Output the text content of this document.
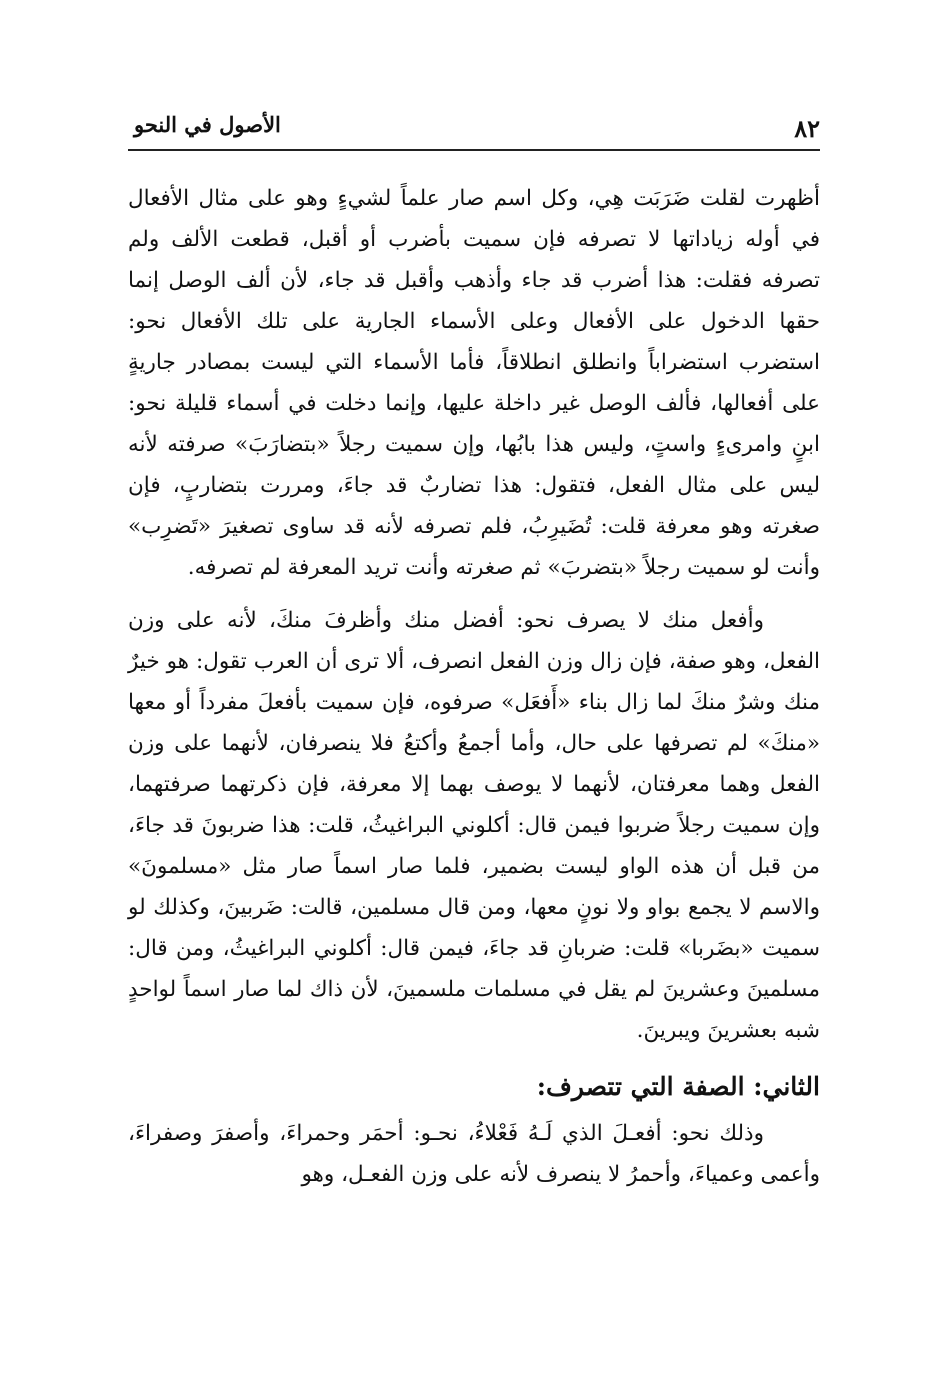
٨٢
الأصول في النحو

أظهرت لقلت ضَرَبَت هِي، وكل اسم صار علماً لشيءٍ وهو على مثال الأفعال في أوله زياداتها لا تصرفه فإن سميت بأضرب أو أقبل، قطعت الألف ولم تصرفه فقلت: هذا أضرب قد جاء وأذهب وأقبل قد جاء، لأن ألف الوصل إنما حقها الدخول على الأفعال وعلى الأسماء الجارية على تلك الأفعال نحو: استضرب استضراباً وانطلق انطلاقاً، فأما الأسماء التي ليست بمصادر جاريةٍ على أفعالها، فألف الوصل غير داخلة عليها، وإنما دخلت في أسماء قليلة نحو: ابنٍ وامرىءٍ واستٍ، وليس هذا بابُها، وإن سميت رجلاً «بتضارَبَ» صرفته لأنه ليس على مثال الفعل، فتقول: هذا تضاربٌ قد جاءَ، ومررت بتضاربٍ، فإن صغرته وهو معرفة قلت: تُضَيرِبُ، فلم تصرفه لأنه قد ساوى تصغيرَ «تَضرِب» وأنت لو سميت رجلاً «بتضربَ» ثم صغرته وأنت تريد المعرفة لم تصرفه.

وأفعل منك لا يصرف نحو: أفضل منك وأظرفَ منكَ، لأنه على وزن الفعل، وهو صفة، فإن زال وزن الفعل انصرف، ألا ترى أن العرب تقول: هو خيرٌ منك وشرٌ منكَ لما زال بناء «أَفعَل» صرفوه، فإن سميت بأفعلَ مفرداً أو معها «منكَ» لم تصرفها على حال، وأما أجمعُ وأكتعُ فلا ينصرفان، لأنهما على وزن الفعل وهما معرفتان، لأنهما لا يوصف بهما إلا معرفة، فإن ذكرتهما صرفتهما، وإن سميت رجلاً ضربوا فيمن قال: أكلوني البراغيثُ، قلت: هذا ضربونَ قد جاءَ، من قبل أن هذه الواو ليست بضمير، فلما صار اسماً صار مثل «مسلمونَ» والاسم لا يجمع بواو ولا نونٍ معها، ومن قال مسلمين، قالت: ضَربينَ، وكذلك لو سميت «بضَربا» قلت: ضربانِ قد جاءَ، فيمن قال: أكلوني البراغيثُ، ومن قال: مسلمينَ وعشرينَ لم يقل في مسلمات ملسمينَ، لأن ذاك لما صار اسماً لواحدٍ شبه بعشرينَ ويبرينَ.

الثاني: الصفة التي تتصرف:

وذلك نحو: أفعـلَ الذي لَـهُ فَعْلاءُ، نحـو: أحمَر وحمراءَ، وأصفرَ وصفراءَ، وأعمى وعمياءَ، وأحمرُ لا ينصرف لأنه على وزن الفعـل، وهو
